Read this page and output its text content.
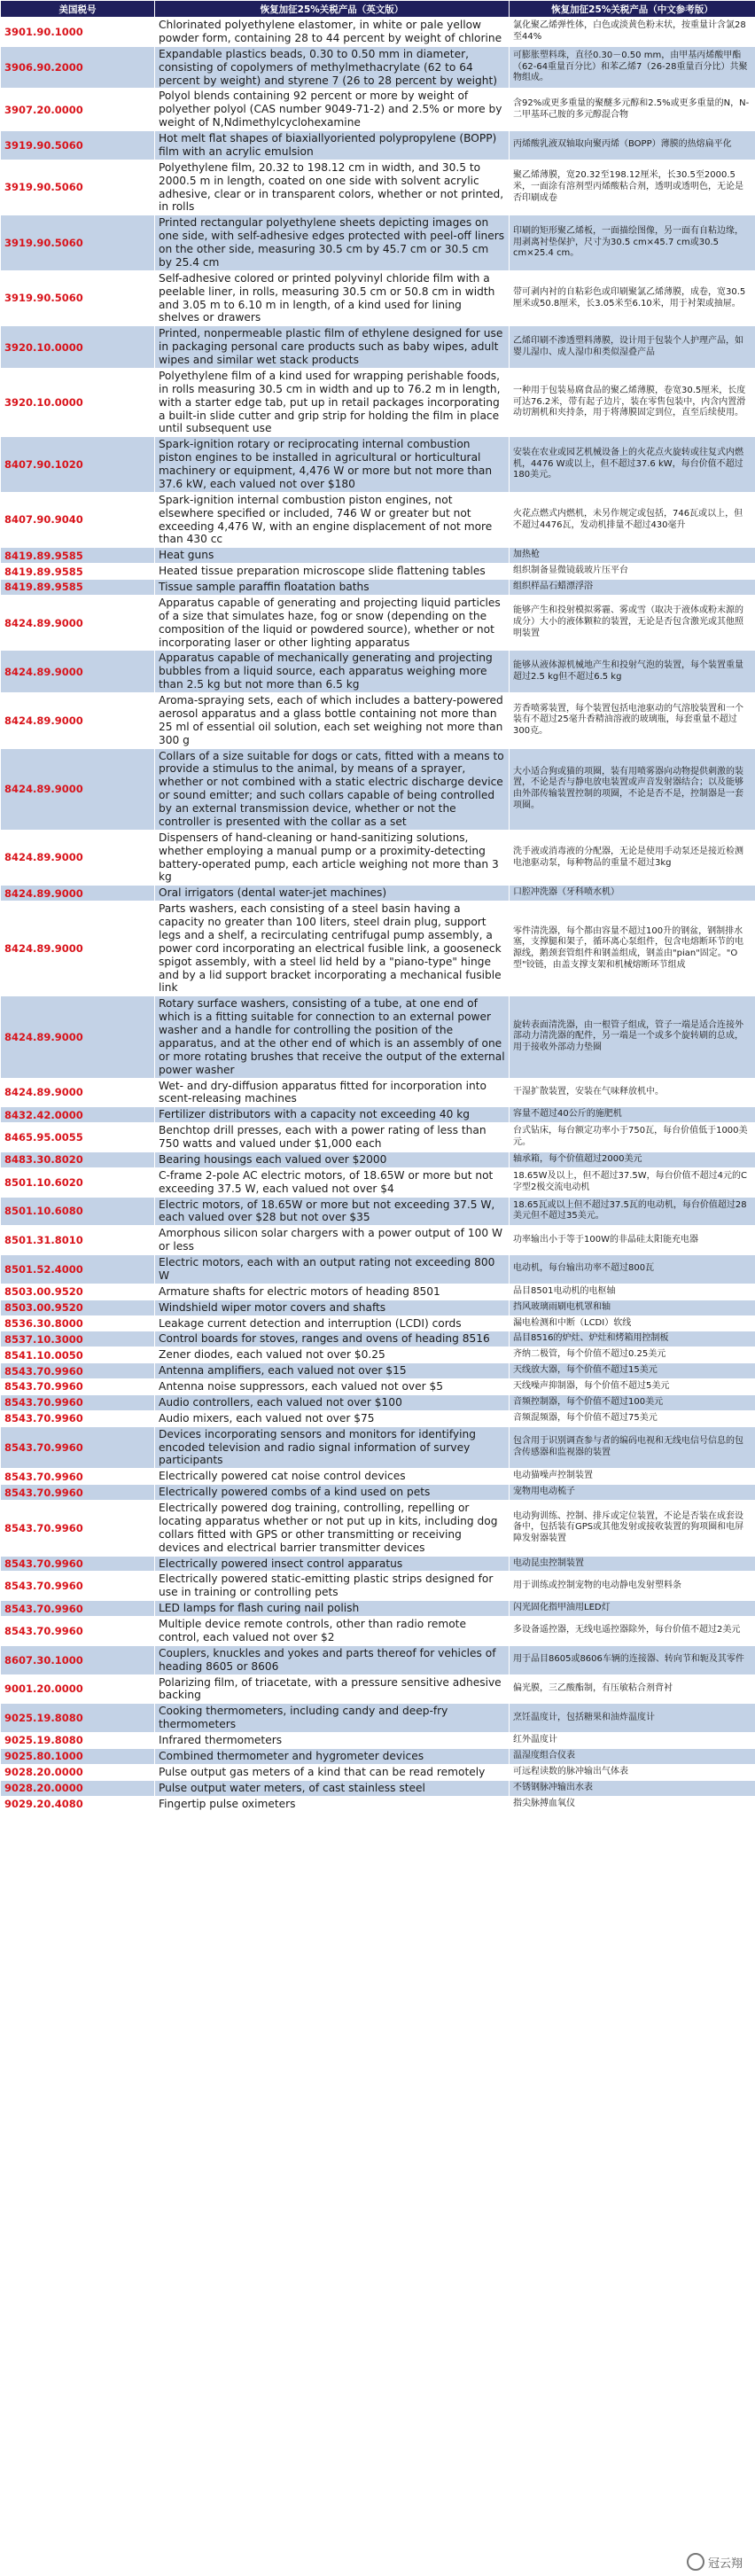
美国税号	恢复加征25%关税产品（英文版）	恢复加征25%关税产品（中文参考版）
3901.90.1000	Chlorinated polyethylene elastomer, in white or pale yellow powder form, containing 28 to 44 percent by weight of chlorine	氯化聚乙烯弹性体，白色或淡黄色粉末状，按重量计含氯28至44%
3906.90.2000	Expandable plastics beads, 0.30 to 0.50 mm in diameter, consisting of copolymers of methylmethacrylate (62 to 64 percent by weight) and styrene 7 (26 to 28 percent by weight)	可膨胀塑料珠，直径0.30－0.50 mm，由甲基丙烯酸甲酯（62-64重量百分比）和苯乙烯7（26-28重量百分比）共聚物组成。
3907.20.0000	Polyol blends containing 92 percent or more by weight of polyether polyol (CAS number 9049-71-2) and 2.5% or more by weight of N,Ndimethylcyclohexamine	含92%或更多重量的聚醚多元醇和2.5%或更多重量的N，N-二甲基环己胺的多元醇混合物
3919.90.5060	Hot melt flat shapes of biaxiallyoriented polypropylene (BOPP) film with an acrylic emulsion	丙烯酸乳液双轴取向聚丙烯（BOPP）薄膜的热熔扁平化
3919.90.5060	Polyethylene film, 20.32 to 198.12 cm in width, and 30.5 to 2000.5 m in length, coated on one side with solvent acrylic adhesive, clear or in transparent colors, whether or not printed, in rolls	聚乙烯薄膜，宽20.32至198.12厘米，长30.5至2000.5米，一面涂有溶剂型丙烯酸粘合剂，透明或透明色，无论是否印刷成卷
3919.90.5060	Printed rectangular polyethylene sheets depicting images on one side, with self-adhesive edges protected with peel-off liners on the other side, measuring 30.5 cm by 45.7 cm or 30.5 cm by 25.4 cm	印刷的矩形聚乙烯板，一面描绘图像，另一面有自粘边缘，用剥离衬垫保护，尺寸为30.5 cm×45.7 cm或30.5 cm×25.4 cm。
3919.90.5060	Self-adhesive colored or printed polyvinyl chloride film with a peelable liner, in rolls, measuring 30.5 cm or 50.8 cm in width and 3.05 m to 6.10 m in length, of a kind used for lining shelves or drawers	带可剥内衬的自粘彩色或印刷聚氯乙烯薄膜，成卷，宽30.5厘米或50.8厘米，长3.05米至6.10米，用于衬架或抽屉。
3920.10.0000	Printed, nonpermeable plastic film of ethylene designed for use in packaging personal care products such as baby wipes, adult wipes and similar wet stack products	乙烯印刷不渗透塑料薄膜，设计用于包装个人护理产品，如婴儿湿巾、成人湿巾和类似湿叠产品
3920.10.0000	Polyethylene film of a kind used for wrapping perishable foods, in rolls measuring 30.5 cm in width and up to 76.2 m in length, with a starter edge tab, put up in retail packages incorporating a built-in slide cutter and grip strip for holding the film in place until subsequent use	一种用于包装易腐食品的聚乙烯薄膜，卷宽30.5厘米，长度可达76.2米，带有起子边片，装在零售包装中，内含内置滑动切割机和夹持条，用于将薄膜固定到位，直至后续使用。
8407.90.1020	Spark-ignition rotary or reciprocating internal combustion piston engines to be installed in agricultural or horticultural machinery or equipment, 4,476 W or more but not more than 37.6 kW, each valued not over $180	安装在农业或园艺机械设备上的火花点火旋转或往复式内燃机，4476 W或以上，但不超过37.6 kW，每台价值不超过180美元。
8407.90.9040	Spark-ignition internal combustion piston engines, not elsewhere specified or included, 746 W or greater but not exceeding 4,476 W, with an engine displacement of not more than 430 cc	火花点燃式内燃机，未另作规定或包括，746瓦或以上，但不超过4476瓦，发动机排量不超过430毫升
8419.89.9585	Heat guns	加热枪
8419.89.9585	Heated tissue preparation microscope slide flattening tables	组织制备显微镜载玻片压平台
8419.89.9585	Tissue sample paraffin floatation baths	组织样品石蜡漂浮浴
8424.89.9000	Apparatus capable of generating and projecting liquid particles of a size that simulates haze, fog or snow (depending on the composition of the liquid or powdered source), whether or not incorporating laser or other lighting apparatus	能够产生和投射模拟雾霾、雾或雪（取决于液体或粉末源的成分）大小的液体颗粒的装置，无论是否包含激光或其他照明装置
8424.89.9000	Apparatus capable of mechanically generating and projecting bubbles from a liquid source, each apparatus weighing more than 2.5 kg but not more than 6.5 kg	能够从液体源机械地产生和投射气泡的装置，每个装置重量超过2.5 kg但不超过6.5 kg
8424.89.9000	Aroma-spraying sets, each of which includes a battery-powered aerosol apparatus and a glass bottle containing not more than 25 ml of essential oil solution, each set weighing not more than 300 g	芳香喷雾装置，每个装置包括电池驱动的气溶胶装置和一个装有不超过25毫升香精油溶液的玻璃瓶，每套重量不超过300克。
8424.89.9000	Collars of a size suitable for dogs or cats, fitted with a means to provide a stimulus to the animal, by means of a sprayer, whether or not combined with a static electric discharge device or sound emitter; and such collars capable of being controlled by an external transmission device, whether or not the controller is presented with the collar as a set	大小适合狗或猫的项圈，装有用喷雾器向动物提供刺激的装置，不论是否与静电放电装置或声音发射器结合；以及能够由外部传输装置控制的项圈，不论是否不是，控制器是一套项圈。
8424.89.9000	Dispensers of hand-cleaning or hand-sanitizing solutions, whether employing a manual pump or a proximity-detecting battery-operated pump, each article weighing not more than 3 kg	洗手液或消毒液的分配器，无论是使用手动泵还是接近检测电池驱动泵，每种物品的重量不超过3kg
8424.89.9000	Oral irrigators (dental water-jet machines)	口腔冲洗器（牙科喷水机）
8424.89.9000	Parts washers, each consisting of a steel basin having a capacity no greater than 100 liters, steel drain plug, support legs and a shelf, a recirculating centrifugal pump assembly, a power cord incorporating an electrical fusible link, a gooseneck spigot assembly, with a steel lid held by a "piano-type" hinge and by a lid support bracket incorporating a mechanical fusible link	零件清洗器，每个都由容量不超过100升的钢盆，钢制排水塞，支撑腿和架子，循环离心泵组件，包含电熔断环节的电源线，鹅颈套管组件和钢盖组成，钢盖由"pian"固定。"O型"铰链，由盖支撑支架和机械熔断环节组成
8424.89.9000	Rotary surface washers, consisting of a tube, at one end of which is a fitting suitable for connection to an external power washer and a handle for controlling the position of the apparatus, and at the other end of which is an assembly of one or more rotating brushes that receive the output of the external power washer	旋转表面清洗器，由一根管子组成，管子一端是适合连接外部动力清洗器的配件，另一端是一个或多个旋转刷的总成，用于接收外部动力垫圈
8424.89.9000	Wet- and dry-diffusion apparatus fitted for incorporation into scent-releasing machines	干湿扩散装置，安装在气味释放机中。
8432.42.0000	Fertilizer distributors with a capacity not exceeding 40 kg	容量不超过40公斤的施肥机
8465.95.0055	Benchtop drill presses, each with a power rating of less than 750 watts and valued under $1,000 each	台式钻床，每台额定功率小于750瓦，每台价值低于1000美元。
8483.30.8020	Bearing housings each valued over $2000	轴承箱，每个价值超过2000美元
8501.10.6020	C-frame 2-pole AC electric motors, of 18.65W or more but not exceeding 37.5 W, each valued not over $4	18.65W及以上，但不超过37.5W，每台价值不超过4元的C字型2极交流电动机
8501.10.6080	Electric motors, of 18.65W or more but not exceeding 37.5 W, each valued over $28 but not over $35	18.65瓦或以上但不超过37.5瓦的电动机，每台价值超过28美元但不超过35美元。
8501.31.8010	Amorphous silicon solar chargers with a power output of 100 W or less	功率输出小于等于100W的非晶硅太阳能充电器
8501.52.4000	Electric motors, each with an output rating not exceeding 800 W	电动机，每台输出功率不超过800瓦
8503.00.9520	Armature shafts for electric motors of heading 8501	品目8501电动机的电枢轴
8503.00.9520	Windshield wiper motor covers and shafts	挡风玻璃雨刷电机罩和轴
8536.30.8000	Leakage current detection and interruption (LCDI) cords	漏电检测和中断（LCDI）软线
8537.10.3000	Control boards for stoves, ranges and ovens of heading 8516	品目8516的炉灶、炉灶和烤箱用控制板
8541.10.0050	Zener diodes, each valued not over $0.25	齐纳二极管，每个价值不超过0.25美元
8543.70.9960	Antenna amplifiers, each valued not over $15	天线放大器，每个价值不超过15美元
8543.70.9960	Antenna noise suppressors, each valued not over $5	天线噪声抑制器，每个价值不超过5美元
8543.70.9960	Audio controllers, each valued not over $100	音频控制器，每个价值不超过100美元
8543.70.9960	Audio mixers, each valued not over $75	音频混频器，每个价值不超过75美元
8543.70.9960	Devices incorporating sensors and monitors for identifying encoded television and radio signal information of survey participants	包含用于识别调查参与者的编码电视和无线电信号信息的包含传感器和监视器的装置
8543.70.9960	Electrically powered cat noise control devices	电动猫噪声控制装置
8543.70.9960	Electrically powered combs of a kind used on pets	宠物用电动梳子
8543.70.9960	Electrically powered dog training, controlling, repelling or locating apparatus whether or not put up in kits, including dog collars fitted with GPS or other transmitting or receiving devices and electrical barrier transmitter devices	电动狗训练、控制、排斥或定位装置，不论是否装在成套设备中，包括装有GPS或其他发射或接收装置的狗项圈和电屏障发射器装置
8543.70.9960	Electrically powered insect control apparatus	电动昆虫控制装置
8543.70.9960	Electrically powered static-emitting plastic strips designed for use in training or controlling pets	用于训练或控制宠物的电动静电发射塑料条
8543.70.9960	LED lamps for flash curing nail polish	闪光固化指甲油用LED灯
8543.70.9960	Multiple device remote controls, other than radio remote control, each valued not over $2	多设备遥控器，无线电遥控器除外，每台价值不超过2美元
8607.30.1000	Couplers, knuckles and yokes and parts thereof for vehicles of heading 8605 or 8606	用于品目8605或8606车辆的连接器、转向节和轭及其零件
9001.20.0000	Polarizing film, of triacetate, with a pressure sensitive adhesive backing	偏光膜，三乙酸酯制，有压敏粘合剂背衬
9025.19.8080	Cooking thermometers, including candy and deep-fry thermometers	烹饪温度计，包括糖果和油炸温度计
9025.19.8080	Infrared thermometers	红外温度计
9025.80.1000	Combined thermometer and hygrometer devices	温湿度组合仪表
9028.20.0000	Pulse output gas meters of a kind that can be read remotely	可远程读数的脉冲输出气体表
9028.20.0000	Pulse output water meters, of cast stainless steel	不锈钢脉冲输出水表
9029.20.4080	Fingertip pulse oximeters	指尖脉搏血氧仪
冠云翔
